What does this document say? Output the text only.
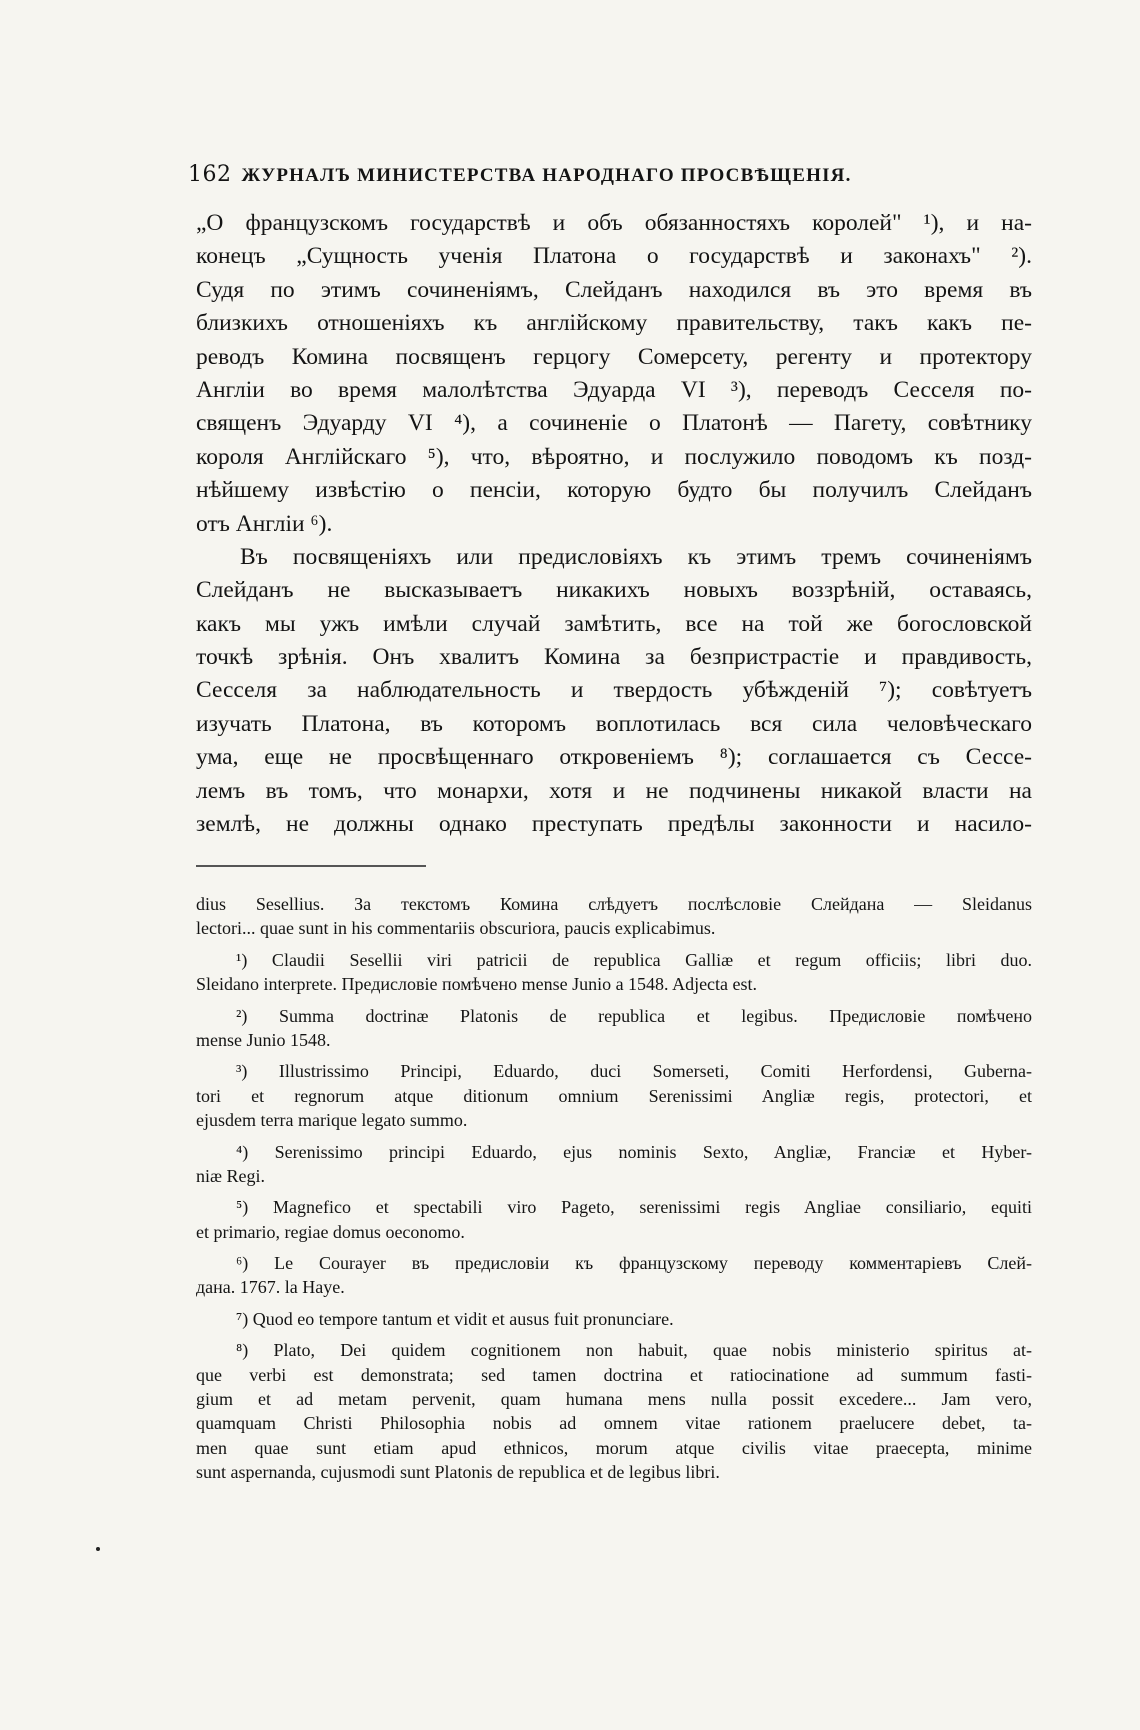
162 ЖУРНАЛЪ МИНИСТЕРСТВА НАРОДНАГО ПРОСВѢЩЕНІЯ.
„О французскомъ государствѣ и объ обязанностяхъ королей" ¹), и на-
конецъ „Сущность ученія Платона о государствѣ и законахъ" ²).
Судя по этимъ сочиненіямъ, Слейданъ находился въ это время въ
близкихъ отношеніяхъ къ англійскому правительству, такъ какъ пе-
реводъ Комина посвященъ герцогу Сомерсету, регенту и протектору
Англіи во время малолѣтства Эдуарда VI ³), переводъ Сесселя по-
священъ Эдуарду VI ⁴), а сочиненіе о Платонѣ — Пагету, совѣтнику
короля Англійскаго ⁵), что, вѣроятно, и послужило поводомъ къ позд-
нѣйшему извѣстію о пенсіи, которую будто бы получилъ Слейданъ
отъ Англіи ⁶).
Въ посвященіяхъ или предисловіяхъ къ этимъ тремъ сочиненіямъ
Слейданъ не высказываетъ никакихъ новыхъ воззрѣній, оставаясь,
какъ мы ужъ имѣли случай замѣтить, все на той же богословской
точкѣ зрѣнія. Онъ хвалитъ Комина за безпристрастіе и правдивость,
Сесселя за наблюдательность и твердость убѣжденій ⁷); совѣтуетъ
изучать Платона, въ которомъ воплотилась вся сила человѣческаго
ума, еще не просвѣщеннаго откровеніемъ ⁸); соглашается съ Сессе-
лемъ въ томъ, что монархи, хотя и не подчинены никакой власти на
землѣ, не должны однако преступать предѣлы законности и насило-
dius Sesellius. За текстомъ Комина слѣдуетъ послѣсловіе Слейдана — Sleidanus
lectori... quae sunt in his commentariis obscuriora, paucis explicabimus.
¹) Claudii Sesellii viri patricii de republica Galliæ et regum officiis; libri duo.
Sleidano interprete. Предисловіе помѣчено mense Junio a 1548. Adjecta est.
²) Summa doctrinæ Platonis de republica et legibus. Предисловіе помѣчено
mense Junio 1548.
³) Illustrissimo Principi, Eduardo, duci Somerseti, Comiti Herfordensi, Guberna-
tori et regnorum atque ditionum omnium Serenissimi Angliæ regis, protectori, et
ejusdem terra marique legato summo.
⁴) Serenissimo principi Eduardo, ejus nominis Sexto, Angliæ, Franciæ et Hyber-
niæ Regi.
⁵) Magnefico et spectabili viro Pageto, serenissimi regis Angliae consiliario, equiti
et primario, regiae domus oeconomo.
⁶) Le Courayer въ предисловіи къ французскому переводу комментаріевъ Слей-
дана. 1767. la Haye.
⁷) Quod eo tempore tantum et vidit et ausus fuit pronunciare.
⁸) Plato, Dei quidem cognitionem non habuit, quae nobis ministerio spiritus at-
que verbi est demonstrata; sed tamen doctrina et ratiocinatione ad summum fasti-
gium et ad metam pervenit, quam humana mens nulla possit excedere... Jam vero,
quamquam Christi Philosophia nobis ad omnem vitae rationem praelucere debet, ta-
men quae sunt etiam apud ethnicos, morum atque civilis vitae praecepta, minime
sunt aspernanda, cujusmodi sunt Platonis de republica et de legibus libri.
